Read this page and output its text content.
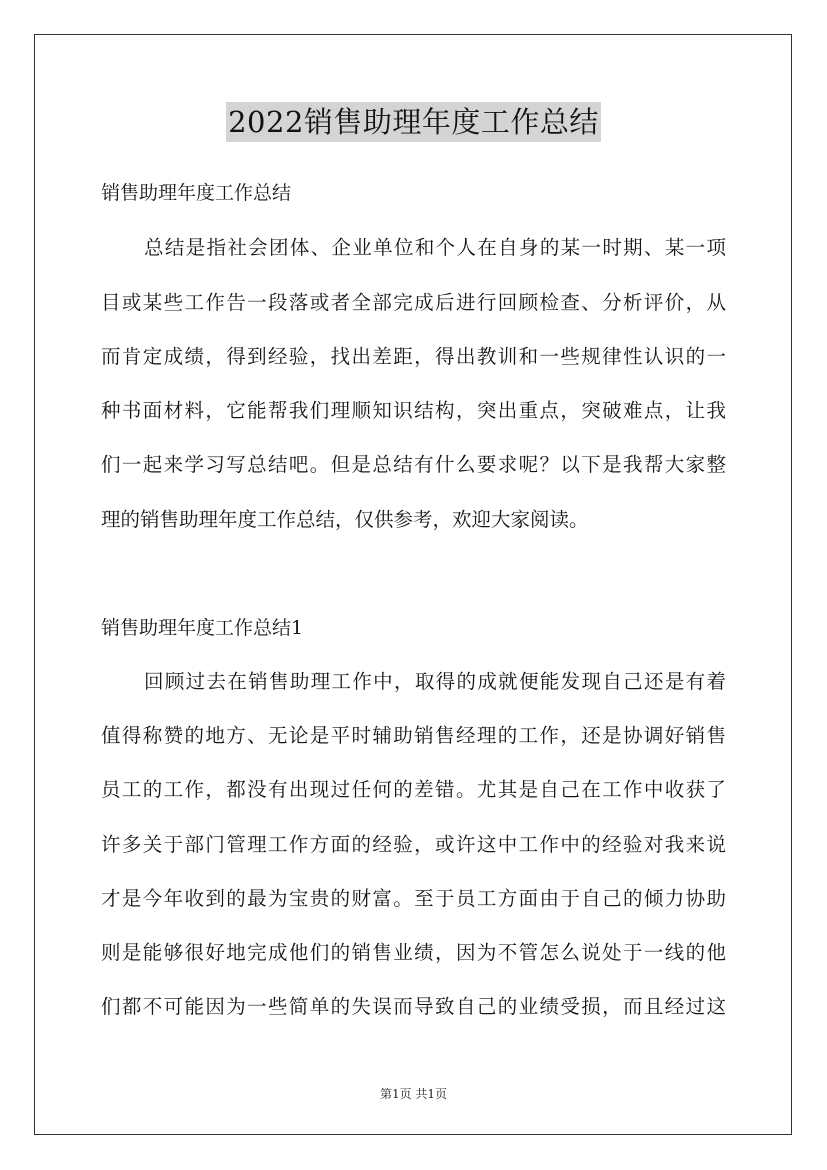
2022销售助理年度工作总结
销售助理年度工作总结
总结是指社会团体、企业单位和个人在自身的某一时期、某一项
目或某些工作告一段落或者全部完成后进行回顾检查、分析评价，从
而肯定成绩，得到经验，找出差距，得出教训和一些规律性认识的一
种书面材料，它能帮我们理顺知识结构，突出重点，突破难点，让我
们一起来学习写总结吧。但是总结有什么要求呢？以下是我帮大家整
理的销售助理年度工作总结，仅供参考，欢迎大家阅读。
销售助理年度工作总结1
回顾过去在销售助理工作中，取得的成就便能发现自己还是有着
值得称赞的地方、无论是平时辅助销售经理的工作，还是协调好销售
员工的工作，都没有出现过任何的差错。尤其是自己在工作中收获了
许多关于部门管理工作方面的经验，或许这中工作中的经验对我来说
才是今年收到的最为宝贵的财富。至于员工方面由于自己的倾力协助
则是能够很好地完成他们的销售业绩，因为不管怎么说处于一线的他
们都不可能因为一些简单的失误而导致自己的业绩受损，而且经过这
第1页 共1页
